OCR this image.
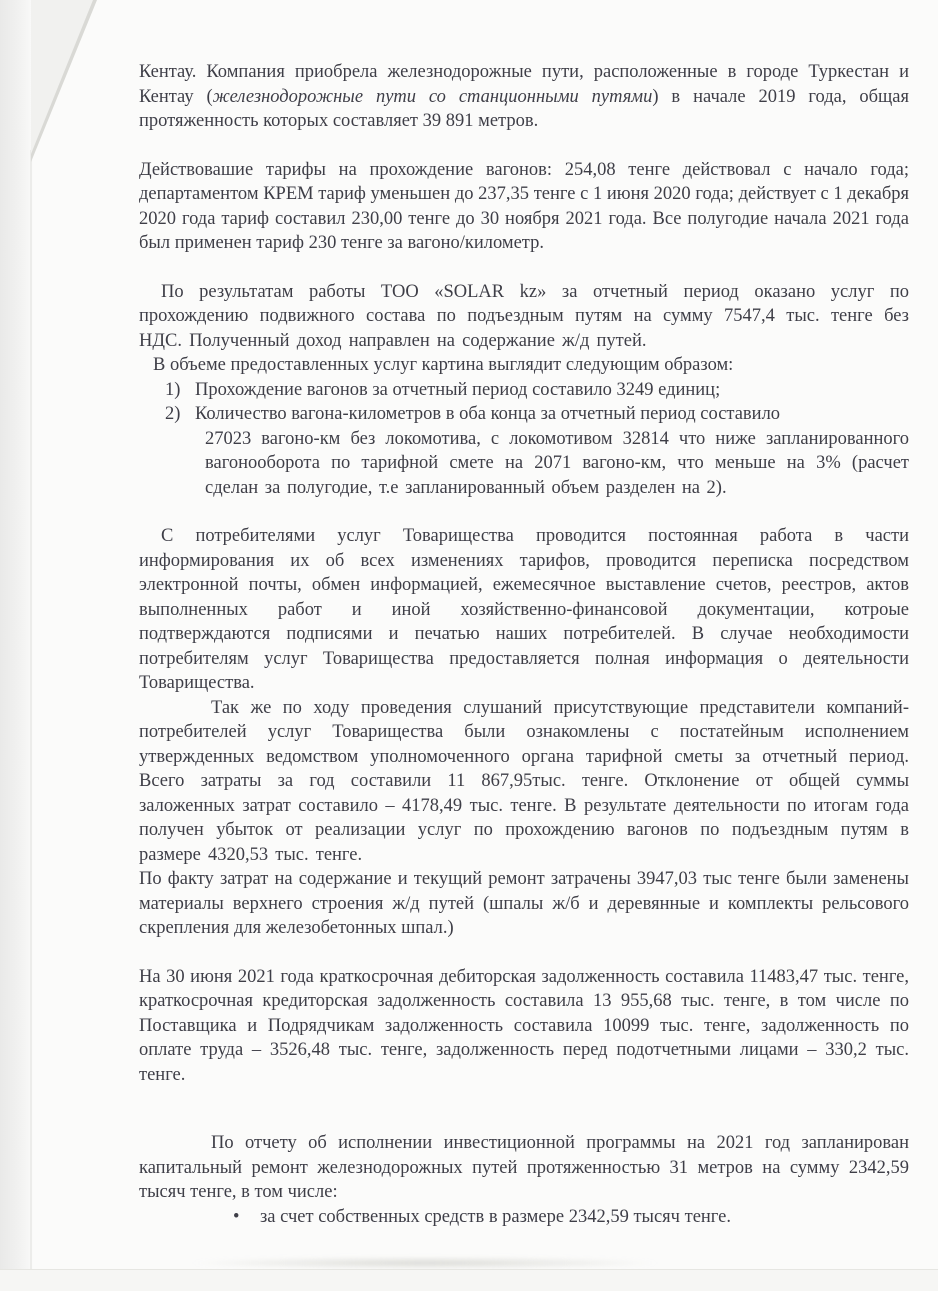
Кентау. Компания приобрела железнодорожные пути, расположенные в городе Туркестан и Кентау (железнодорожные пути со станционными путями) в начале 2019 года, общая протяженность которых составляет 39 891 метров.

Действовашие тарифы на прохождение вагонов: 254,08 тенге действовал с начало года; департаментом КРЕМ тариф уменьшен до 237,35 тенге с 1 июня 2020 года; действует с 1 декабря 2020 года тариф составил 230,00 тенге до 30 ноября 2021 года. Все полугодие начала 2021 года был применен тариф 230 тенге за вагоно/километр.

По результатам работы ТОО «SOLAR kz» за отчетный период оказано услуг по прохождению подвижного состава по подъездным путям на сумму 7547,4 тыс. тенге без НДС. Полученный доход направлен на содержание ж/д путей.

В объеме предоставленных услуг картина выглядит следующим образом:

1) Прохождение вагонов за отчетный период составило 3249 единиц;
2) Количество вагона-километров в оба конца за отчетный период составило
27023 вагоно-км без локомотива, с локомотивом 32814 что ниже запланированного вагонооборота по тарифной смете на 2071 вагоно-км, что меньше на 3% (расчет сделан за полугодие, т.е запланированный объем разделен на 2).

С потребителями услуг Товарищества проводится постоянная работа в части информирования их об всех изменениях тарифов, проводится переписка посредством электронной почты, обмен информацией, ежемесячное выставление счетов, реестров, актов выполненных работ и иной хозяйственно-финансовой документации, котроые подтверждаются подписями и печатью наших потребителей. В случае необходимости потребителям услуг Товарищества предоставляется полная информация о деятельности Товарищества.

Так же по ходу проведения слушаний присутствующие представители компаний-потребителей услуг Товарищества были ознакомлены с постатейным исполнением утвержденных ведомством уполномоченного органа тарифной сметы за отчетный период. Всего затраты за год составили 11 867,95тыс. тенге. Отклонение от общей суммы заложенных затрат составило – 4178,49 тыс. тенге. В результате деятельности по итогам года получен убыток от реализации услуг по прохождению вагонов по подъездным путям в размере 4320,53 тыс. тенге.

По факту затрат на содержание и текущий ремонт затрачены 3947,03 тыс тенге были заменены материалы верхнего строения ж/д путей (шпалы ж/б и деревянные и комплекты рельсового скрепления для железобетонных шпал.)

На 30 июня 2021 года краткосрочная дебиторская задолженность составила 11483,47 тыс. тенге, краткосрочная кредиторская задолженность составила 13 955,68 тыс. тенге, в том числе по Поставщика и Подрядчикам задолженность составила 10099 тыс. тенге, задолженность по оплате труда – 3526,48 тыс. тенге, задолженность перед подотчетными лицами – 330,2 тыс. тенге.

По отчету об исполнении инвестиционной программы на 2021 год запланирован капитальный ремонт железнодорожных путей протяженностью 31 метров на сумму 2342,59 тысяч тенге, в том числе:

•	за счет собственных средств в размере 2342,59 тысяч тенге.
